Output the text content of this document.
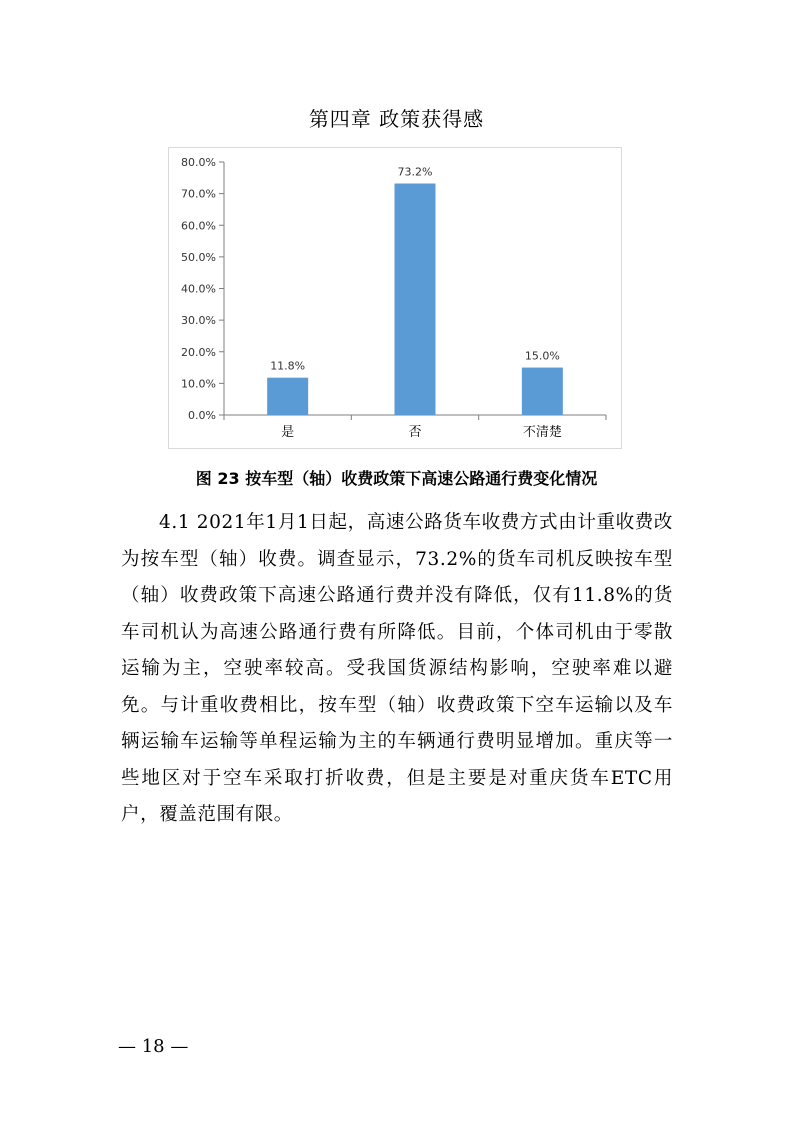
第四章 政策获得感
0.0%
10.0%
20.0%
30.0%
40.0%
50.0%
60.0%
70.0%
80.0%
11.8%
是
73.2%
否
15.0%
不清楚

图 23 按车型（轴）收费政策下高速公路通行费变化情况

4.1 2021年1月1日起，高速公路货车收费方式由计重收费改为按车型（轴）收费。调查显示，73.2%的货车司机反映按车型（轴）收费政策下高速公路通行费并没有降低，仅有11.8%的货车司机认为高速公路通行费有所降低。目前，个体司机由于零散运输为主，空驶率较高。受我国货源结构影响，空驶率难以避免。与计重收费相比，按车型（轴）收费政策下空车运输以及车辆运输车运输等单程运输为主的车辆通行费明显增加。重庆等一些地区对于空车采取打折收费，但是主要是对重庆货车ETC用户，覆盖范围有限。

— 18 —
